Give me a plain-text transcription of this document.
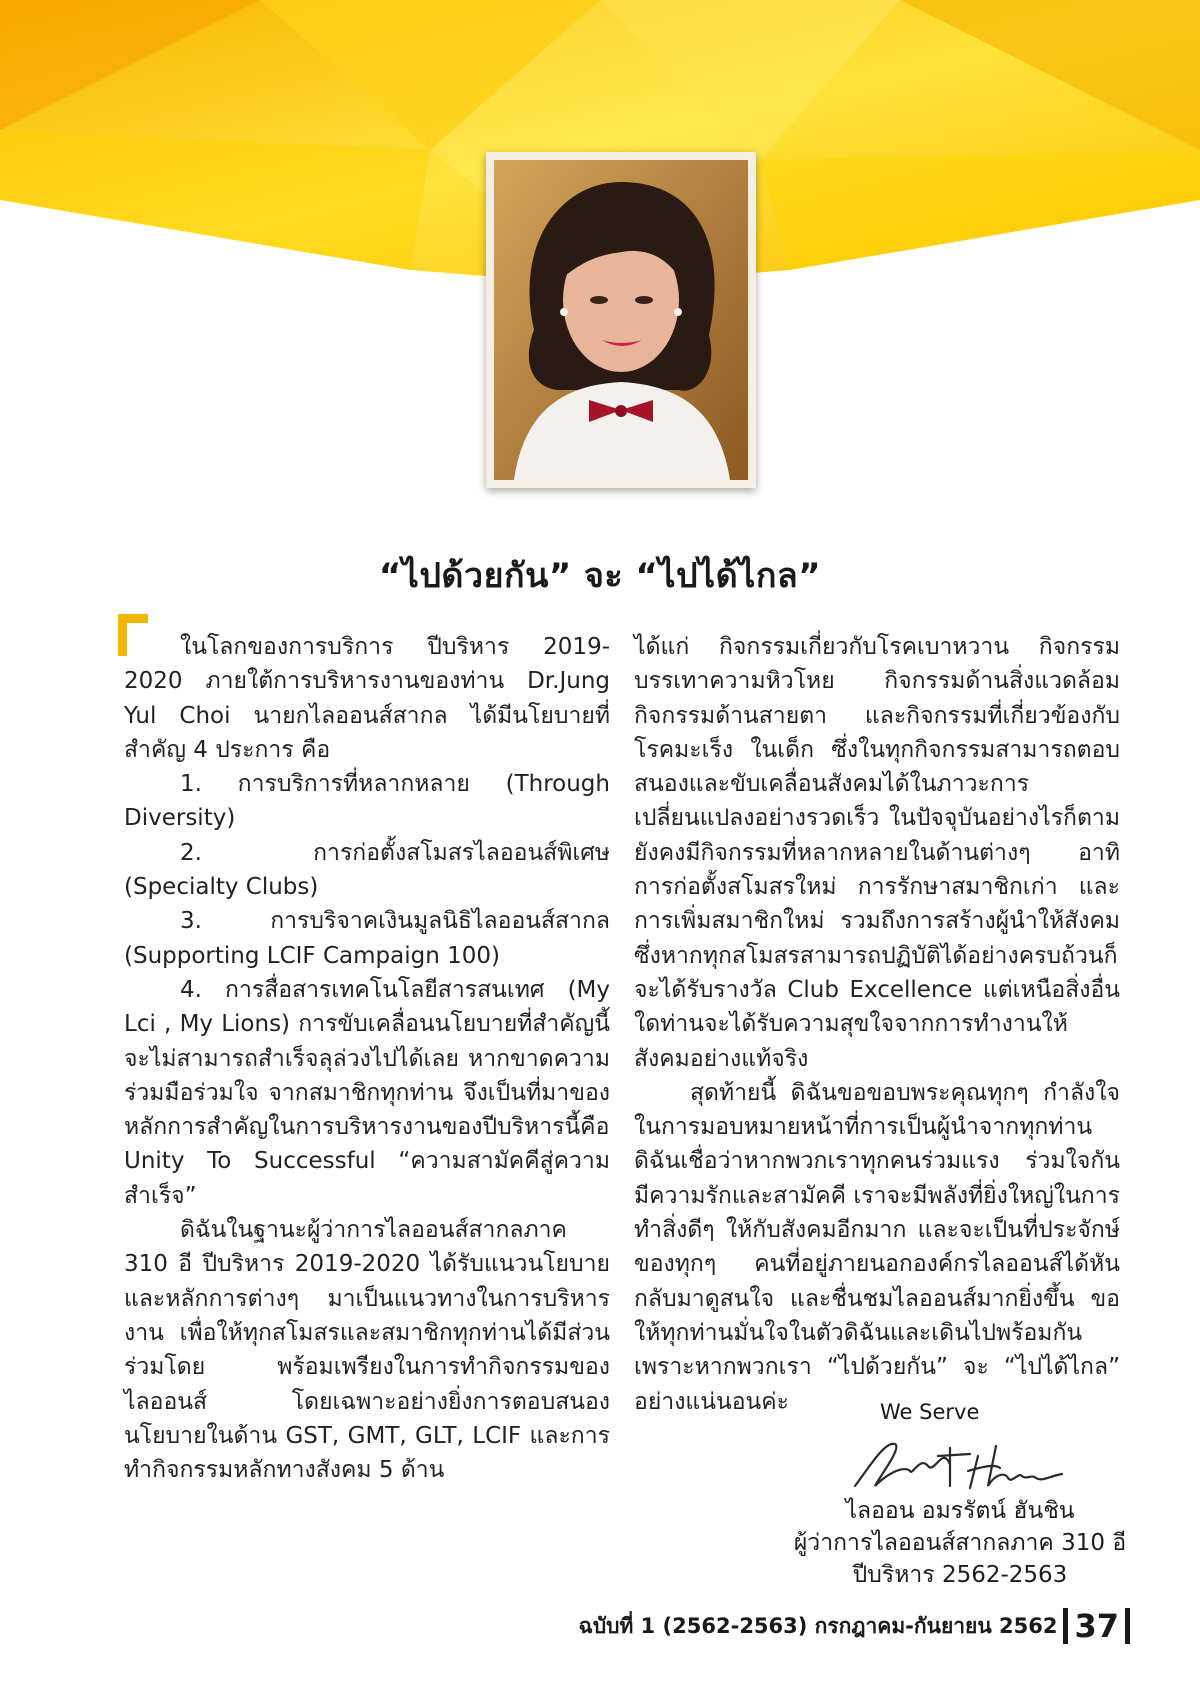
“ไปด้วยกัน” จะ “ไปได้ไกล”

ในโลกของการบริการ ปีบริหาร 2019-2020 ภายใต้การบริหารงานของท่าน Dr.Jung Yul Choi นายกไลออนส์สากล ได้มีนโยบายที่สำคัญ 4 ประการ คือ

1. การบริการที่หลากหลาย (Through Diversity)

2. การก่อตั้งสโมสรไลออนส์พิเศษ (Specialty Clubs)

3. การบริจาคเงินมูลนิธิไลออนส์สากล (Supporting LCIF Campaign 100)

4. การสื่อสารเทคโนโลยีสารสนเทศ (My Lci , My Lions) การขับเคลื่อนนโยบายที่สำคัญนี้จะไม่สามารถสำเร็จลุล่วงไปได้เลย หากขาดความร่วมมือร่วมใจ จากสมาชิกทุกท่าน จึงเป็นที่มาของหลักการสำคัญในการบริหารงานของปีบริหารนี้คือ Unity To Successful “ความสามัคคีสู่ความสำเร็จ”

ดิฉันในฐานะผู้ว่าการไลออนส์สากลภาค 310 อี ปีบริหาร 2019-2020 ได้รับแนวนโยบายและหลักการต่างๆ มาเป็นแนวทางในการบริหารงาน เพื่อให้ทุกสโมสรและสมาชิกทุกท่านได้มีส่วนร่วมโดย พร้อมเพรียงในการทำกิจกรรมของไลออนส์ โดยเฉพาะอย่างยิ่งการตอบสนองนโยบายในด้าน GST, GMT, GLT, LCIF และการทำกิจกรรมหลักทางสังคม 5 ด้าน

ได้แก่ กิจกรรมเกี่ยวกับโรคเบาหวาน กิจกรรม บรรเทาความหิวโหย กิจกรรมด้านสิ่งแวดล้อม กิจกรรมด้านสายตา และกิจกรรมที่เกี่ยวข้องกับโรคมะเร็ง ในเด็ก ซึ่งในทุกกิจกรรมสามารถตอบสนองและขับเคลื่อนสังคมได้ในภาวะการเปลี่ยนแปลงอย่างรวดเร็ว ในปัจจุบันอย่างไรก็ตาม ยังคงมีกิจกรรมที่หลากหลายในด้านต่างๆ อาทิ การก่อตั้งสโมสรใหม่ การรักษาสมาชิกเก่า และการเพิ่มสมาชิกใหม่ รวมถึงการสร้างผู้นำให้สังคม ซึ่งหากทุกสโมสรสามารถปฏิบัติได้อย่างครบถ้วนก็จะได้รับรางวัล Club Excellence แต่เหนือสิ่งอื่นใดท่านจะได้รับความสุขใจจากการทำงานให้สังคมอย่างแท้จริง

สุดท้ายนี้ ดิฉันขอขอบพระคุณทุกๆ กำลังใจในการมอบหมายหน้าที่การเป็นผู้นำจากทุกท่าน ดิฉันเชื่อว่าหากพวกเราทุกคนร่วมแรง ร่วมใจกัน มีความรักและสามัคคี เราจะมีพลังที่ยิ่งใหญ่ในการทำสิ่งดีๆ ให้กับสังคมอีกมาก และจะเป็นที่ประจักษ์ของทุกๆ คนที่อยู่ภายนอกองค์กรไลออนส์ได้หันกลับมาดูสนใจ และชื่นชมไลออนส์มากยิ่งขึ้น ขอให้ทุกท่านมั่นใจในตัวดิฉันและเดินไปพร้อมกัน เพราะหากพวกเรา “ไปด้วยกัน” จะ “ไปได้ไกล” อย่างแน่นอนค่ะ	We Serve
ไลออน อมรรัตน์ ฮันชิน
ผู้ว่าการไลออนส์สากลภาค 310 อี
ปีบริหาร 2562-2563
ฉบับที่ 1 (2562-2563) กรกฎาคม-กันยายน 2562 37
